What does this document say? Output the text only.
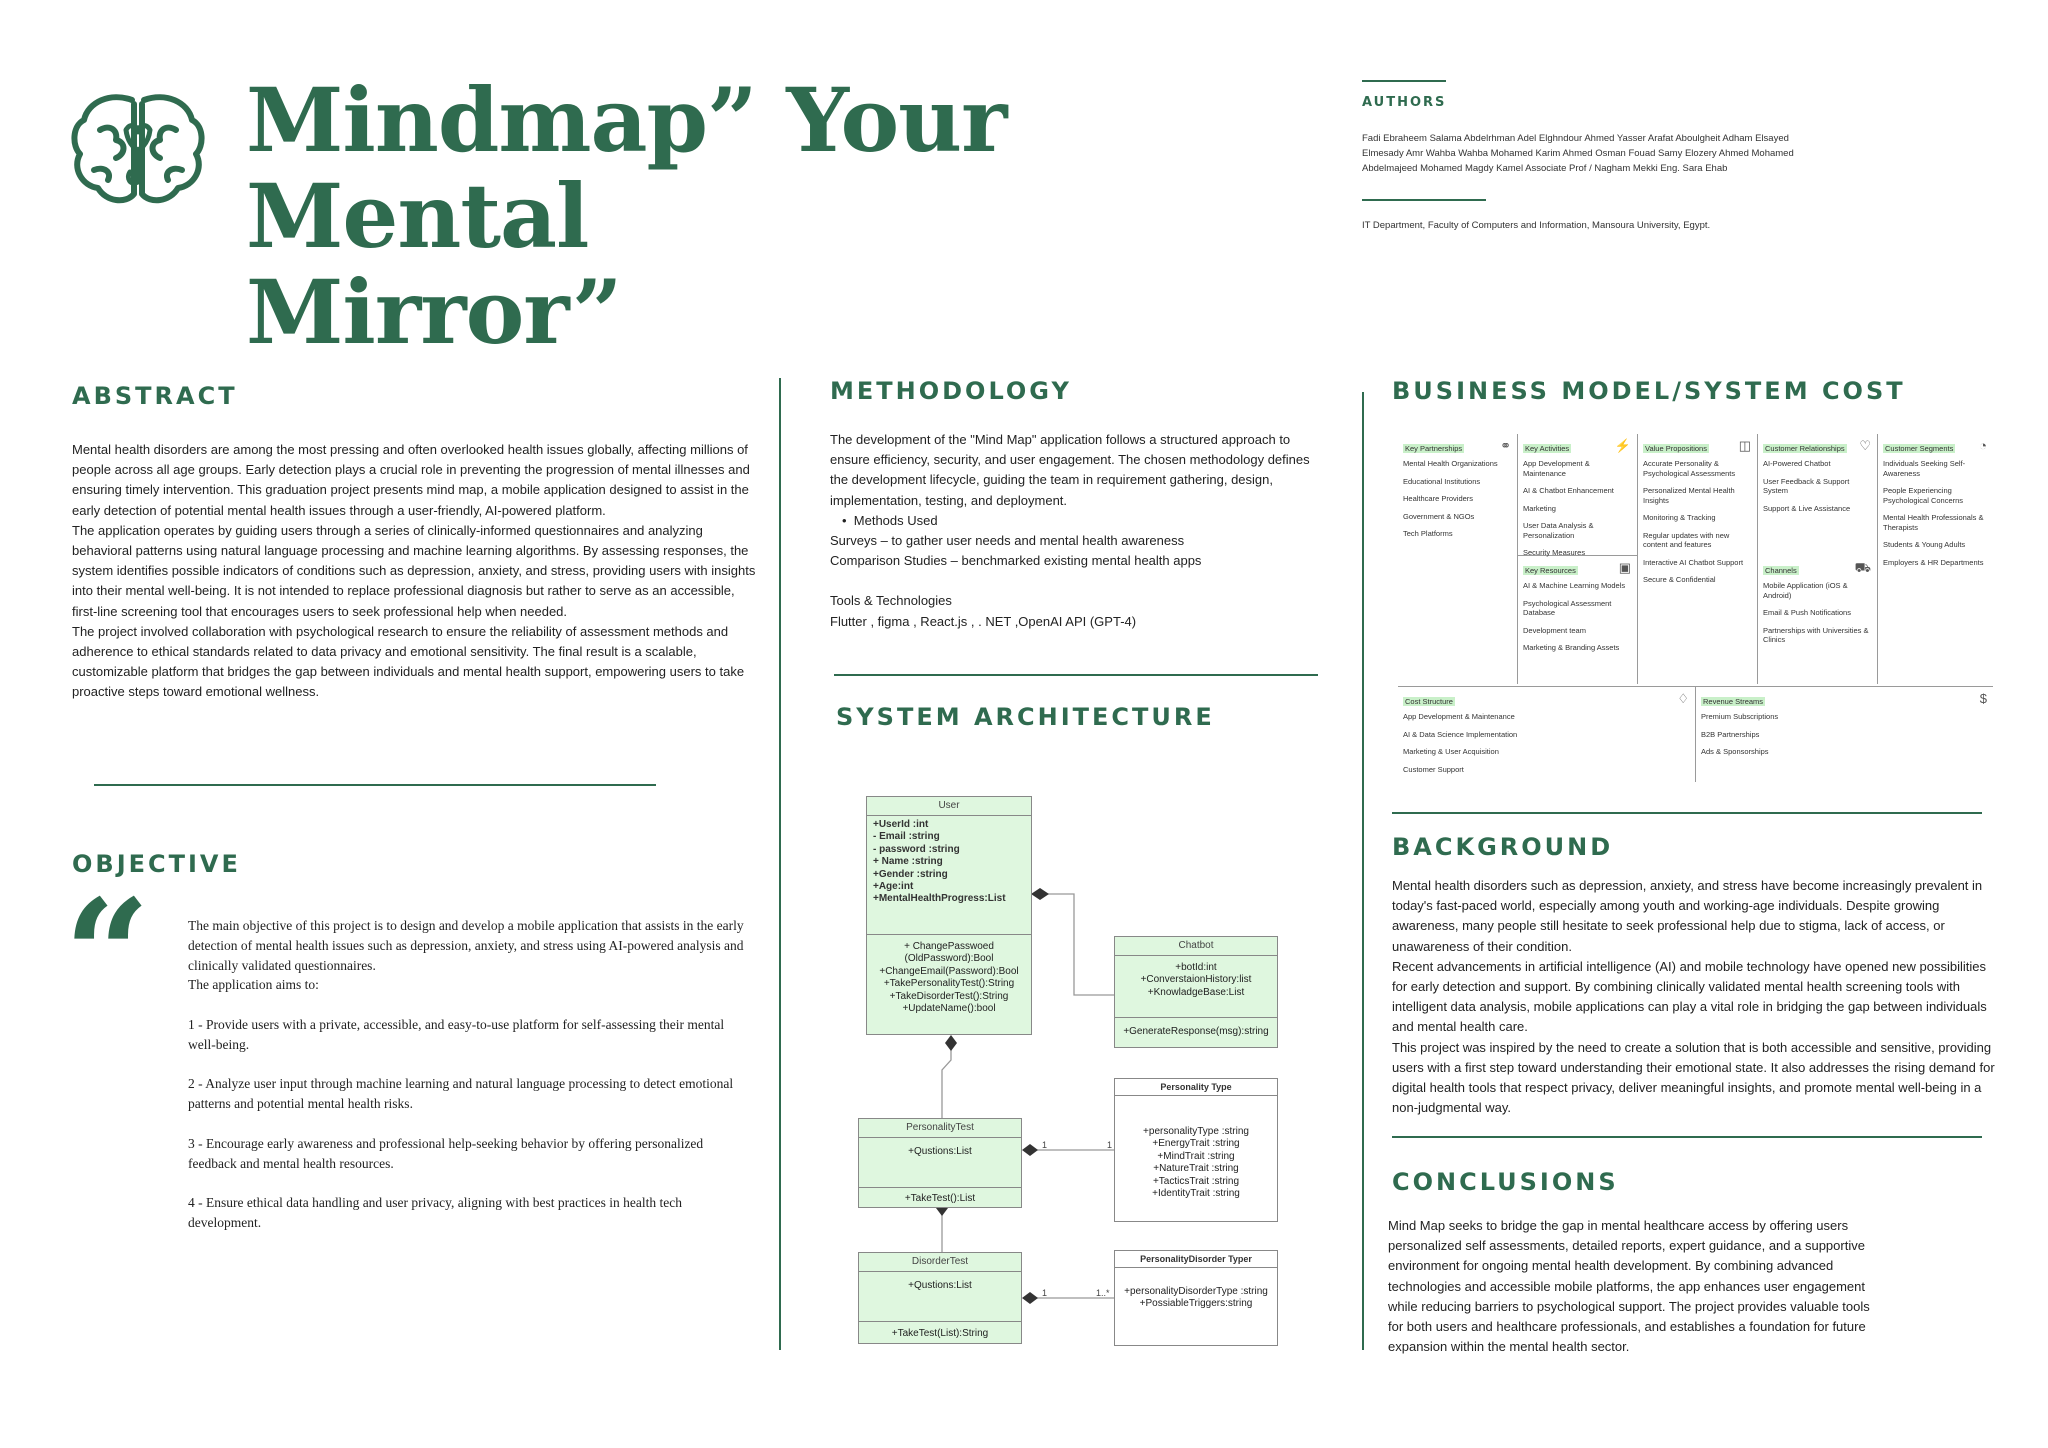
Mindmap” Your Mental
Mirror”
AUTHORS
Fadi Ebraheem Salama Abdelrhman Adel Elghndour Ahmed Yasser Arafat Aboulgheit Adham Elsayed
Elmesady Amr Wahba Wahba Mohamed Karim Ahmed Osman Fouad Samy Elozery Ahmed Mohamed
Abdelmajeed Mohamed Magdy Kamel Associate Prof / Nagham Mekki Eng. Sara Ehab
IT Department, Faculty of Computers and Information, Mansoura University, Egypt.
ABSTRACT

Mental health disorders are among the most pressing and often overlooked health issues globally, affecting millions of people across all age groups. Early detection plays a crucial role in preventing the progression of mental illnesses and ensuring timely intervention. This graduation project presents mind map, a mobile application designed to assist in the early detection of potential mental health issues through a user-friendly, AI-powered platform.

The application operates by guiding users through a series of clinically-informed questionnaires and analyzing behavioral patterns using natural language processing and machine learning algorithms. By assessing responses, the system identifies possible indicators of conditions such as depression, anxiety, and stress, providing users with insights into their mental well-being. It is not intended to replace professional diagnosis but rather to serve as an accessible, first-line screening tool that encourages users to seek professional help when needed.

The project involved collaboration with psychological research to ensure the reliability of assessment methods and adherence to ethical standards related to data privacy and emotional sensitivity. The final result is a scalable, customizable platform that bridges the gap between individuals and mental health support, empowering users to take proactive steps toward emotional wellness.

OBJECTIVE
“	The main objective of this project is to design and develop a mobile application that assists in the early detection of mental health issues such as depression, anxiety, and stress using AI-powered analysis and clinically validated questionnaires.

The application aims to:

1 - Provide users with a private, accessible, and easy-to-use platform for self-assessing their mental well-being.

2 - Analyze user input through machine learning and natural language processing to detect emotional patterns and potential mental health risks.

3 - Encourage early awareness and professional help-seeking behavior by offering personalized feedback and mental health resources.

4 - Ensure ethical data handling and user privacy, aligning with best practices in health tech development.

METHODOLOGY

The development of the "Mind Map" application follows a structured approach to ensure efficiency, security, and user engagement. The chosen methodology defines the development lifecycle, guiding the team in requirement gathering, design, implementation, testing, and deployment.

•  Methods Used

Surveys – to gather user needs and mental health awareness

Comparison Studies – benchmarked existing mental health apps

Tools & Technologies

Flutter , figma , React.js , . NET ,OpenAI API (GPT-4)

SYSTEM ARCHITECTURE
1	1
1	1..*
User
+UserId :int
- Email :string
- password :string
+ Name :string
+Gender :string
+Age:int
+MentalHealthProgress:List
+ ChangePasswoed
(OldPassword):Bool
+ChangeEmail(Password):Bool
+TakePersonalityTest():String
+TakeDisorderTest():String
+UpdateName():bool
Chatbot
+botId:int
+ConverstaionHistory:list
+KnowladgeBase:List
+GenerateResponse(msg):string
PersonalityTest
+Qustions:List
+TakeTest():List
Personality Type
+personalityType :string
+EnergyTrait :string
+MindTrait :string
+NatureTrait :string
+TacticsTrait :string
+IdentityTrait :string
DisorderTest
+Qustions:List
+TakeTest(List):String
PersonalityDisorder Typer
+personalityDisorderType :string
+PossiableTriggers:string
BUSINESS MODEL/SYSTEM COST
⚭
Key Partnerships
Mental Health Organizations
Educational Institutions
Healthcare Providers
Government & NGOs
Tech Platforms
⚡
Key Activities
App Development & Maintenance
AI & Chatbot Enhancement
Marketing
User Data Analysis & Personalization
Security Measures
▣
Key Resources
AI & Machine Learning Models
Psychological Assessment Database
Development team
Marketing & Branding Assets
◫
Value Propositions
Accurate Personality & Psychological Assessments
Personalized Mental Health Insights
Monitoring & Tracking
Regular updates with new content and features
Interactive AI Chatbot Support
Secure & Confidential
♡
Customer Relationships
AI-Powered Chatbot
User Feedback & Support System
Support & Live Assistance
⛟
Channels
Mobile Application (iOS & Android)
Email & Push Notifications
Partnerships with Universities & Clinics
◔
Customer Segments
Individuals Seeking Self-Awareness
People Experiencing Psychological Concerns
Mental Health Professionals & Therapists
Students & Young Adults
Employers & HR Departments
♢
Cost Structure
App Development & Maintenance
AI & Data Science Implementation
Marketing & User Acquisition
Customer Support
$
Revenue Streams
Premium Subscriptions
B2B Partnerships
Ads & Sponsorships
BACKGROUND

Mental health disorders such as depression, anxiety, and stress have become increasingly prevalent in today's fast-paced world, especially among youth and working-age individuals. Despite growing awareness, many people still hesitate to seek professional help due to stigma, lack of access, or unawareness of their condition.

Recent advancements in artificial intelligence (AI) and mobile technology have opened new possibilities for early detection and support. By combining clinically validated mental health screening tools with intelligent data analysis, mobile applications can play a vital role in bridging the gap between individuals and mental health care.

This project was inspired by the need to create a solution that is both accessible and sensitive, providing users with a first step toward understanding their emotional state. It also addresses the rising demand for digital health tools that respect privacy, deliver meaningful insights, and promote mental well-being in a non-judgmental way.

CONCLUSIONS

Mind Map seeks to bridge the gap in mental healthcare access by offering users personalized self assessments, detailed reports, expert guidance, and a supportive environment for ongoing mental health development. By combining advanced technologies and accessible mobile platforms, the app enhances user engagement while reducing barriers to psychological support. The project provides valuable tools for both users and healthcare professionals, and establishes a foundation for future expansion within the mental health sector.
